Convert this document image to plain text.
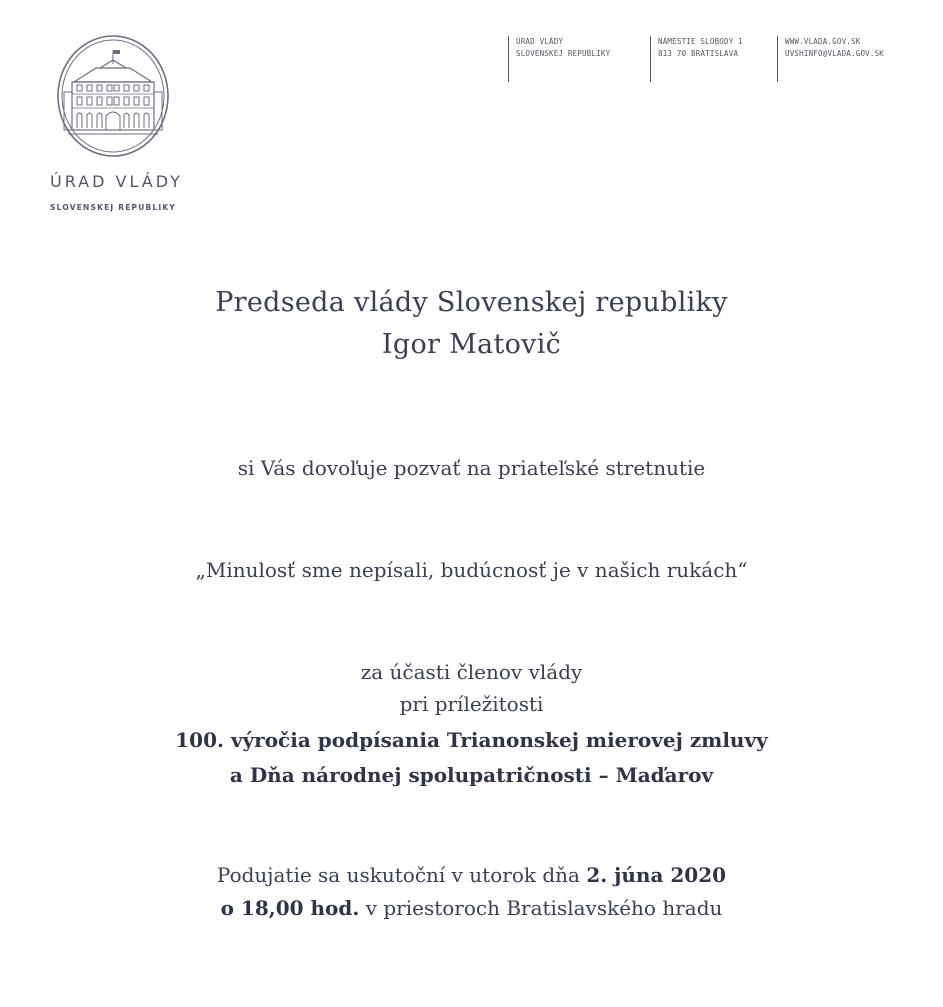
ÚRAD VLÁDY
SLOVENSKEJ REPUBLIKY
ÚRAD VLÁDY
SLOVENSKEJ REPUBLIKY
NÁMESTIE SLOBODY 1
813 70 BRATISLAVA
WWW.VLADA.GOV.SK
UVSHINFO@VLADA.GOV.SK
Predseda vlády Slovenskej republiky
Igor Matovič
si Vás dovoľuje pozvať na priateľské stretnutie
„Minulosť sme nepísali, budúcnosť je v našich rukách“
za účasti členov vlády
pri príležitosti
100. výročia podpísania Trianonskej mierovej zmluvy
a Dňa národnej spolupatričnosti – Maďarov
Podujatie sa uskutoční v utorok dňa 2. júna 2020
o 18,00 hod. v priestoroch Bratislavského hradu
